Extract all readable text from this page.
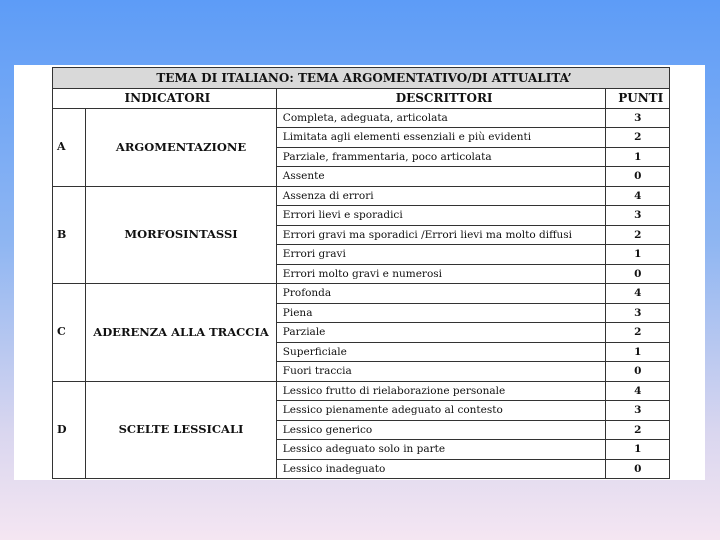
TEMA DI ITALIANO: TEMA ARGOMENTATIVO/DI ATTUALITA’			
INDICATORI		DESCRITTORI	PUNTI
A	ARGOMENTAZIONE	Completa, adeguata, articolata	3
		Limitata agli elementi essenziali e più evidenti	2
		Parziale, frammentaria, poco articolata	1
		Assente	0
B	MORFOSINTASSI	Assenza di errori	4
		Errori lievi e sporadici	3
		Errori gravi ma sporadici /Errori lievi ma molto diffusi	2
		Errori gravi	1
		Errori molto gravi e numerosi	0
C	ADERENZA ALLA TRACCIA	Profonda	4
		Piena	3
		Parziale	2
		Superficiale	1
		Fuori traccia	0
D	SCELTE LESSICALI	Lessico frutto di rielaborazione personale	4
		Lessico pienamente adeguato al contesto	3
		Lessico generico	2
		Lessico adeguato solo in parte	1
		Lessico inadeguato	0
